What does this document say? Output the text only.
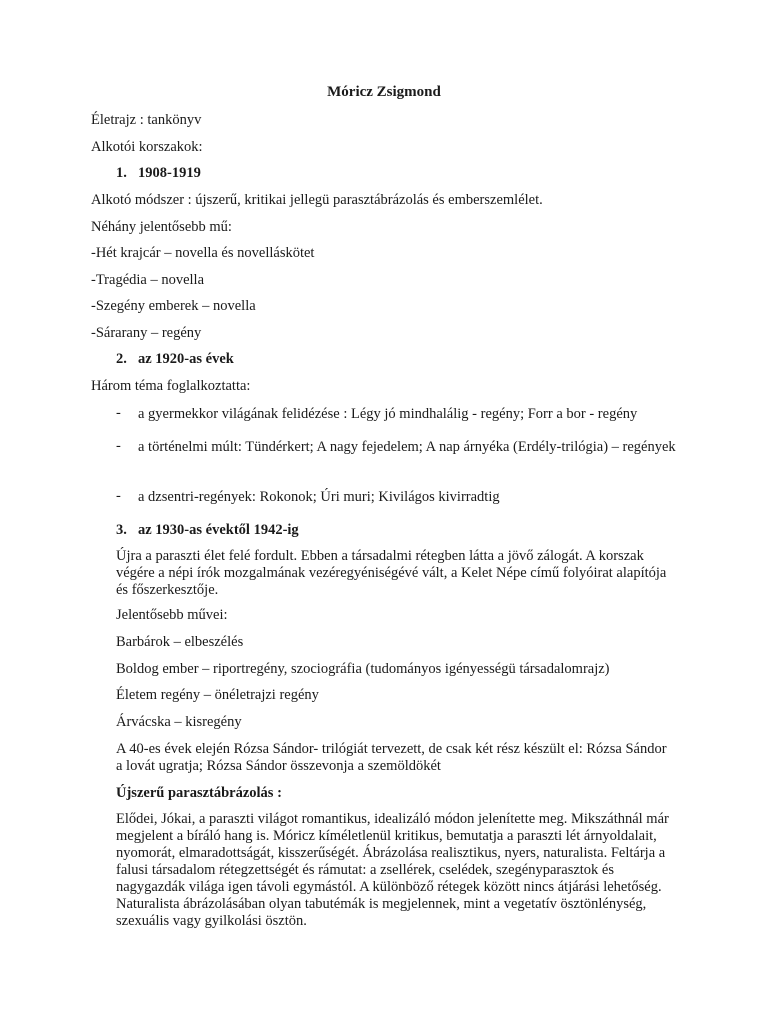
Móricz Zsigmond
Életrajz : tankönyv
Alkotói korszakok:
1. 1908-1919
Alkotó módszer : újszerű, kritikai jellegü parasztábrázolás és emberszemlélet.
Néhány jelentősebb mű:
-Hét krajcár – novella és novelláskötet
-Tragédia – novella
-Szegény emberek – novella
-Sárarany – regény
2. az 1920-as évek
Három téma foglalkoztatta:
- a gyermekkor világának felidézése : Légy jó mindhalálig - regény; Forr a bor - regény
- a történelmi múlt: Tündérkert; A nagy fejedelem; A nap árnyéka (Erdély-trilógia) – regények
- a dzsentri-regények: Rokonok; Úri muri; Kivilágos kivirradtig
3. az 1930-as évektől 1942-ig
Újra a paraszti élet felé fordult. Ebben a társadalmi rétegben látta a jövő zálogát. A korszak végére a népi írók mozgalmának vezéregyéniségévé vált, a Kelet Népe című folyóirat alapítója és főszerkesztője.
Jelentősebb művei:
Barbárok – elbeszélés
Boldog ember – riportregény, szociográfia (tudományos igényességü társadalomrajz)
Életem regény – önéletrajzi regény
Árvácska – kisregény
A 40-es évek elején Rózsa Sándor- trilógiát tervezett, de csak két rész készült el: Rózsa Sándor a lovát ugratja; Rózsa Sándor összevonja a szemöldökét
Újszerű parasztábrázolás :
Elődei, Jókai, a paraszti világot romantikus, idealizáló módon jelenítette meg. Mikszáthnál már megjelent a bíráló hang is. Móricz kíméletlenül kritikus, bemutatja a paraszti lét árnyoldalait, nyomorát, elmaradottságát, kisszerűségét. Ábrázolása realisztikus, nyers, naturalista. Feltárja a falusi társadalom rétegzettségét és rámutat: a zsellérek, cselédek, szegényparasztok és nagygazdák világa igen távoli egymástól. A különböző rétegek között nincs átjárási lehetőség. Naturalista ábrázolásában olyan tabutémák is megjelennek, mint a vegetatív ösztönlénység, szexuális vagy gyilkolási ösztön.
